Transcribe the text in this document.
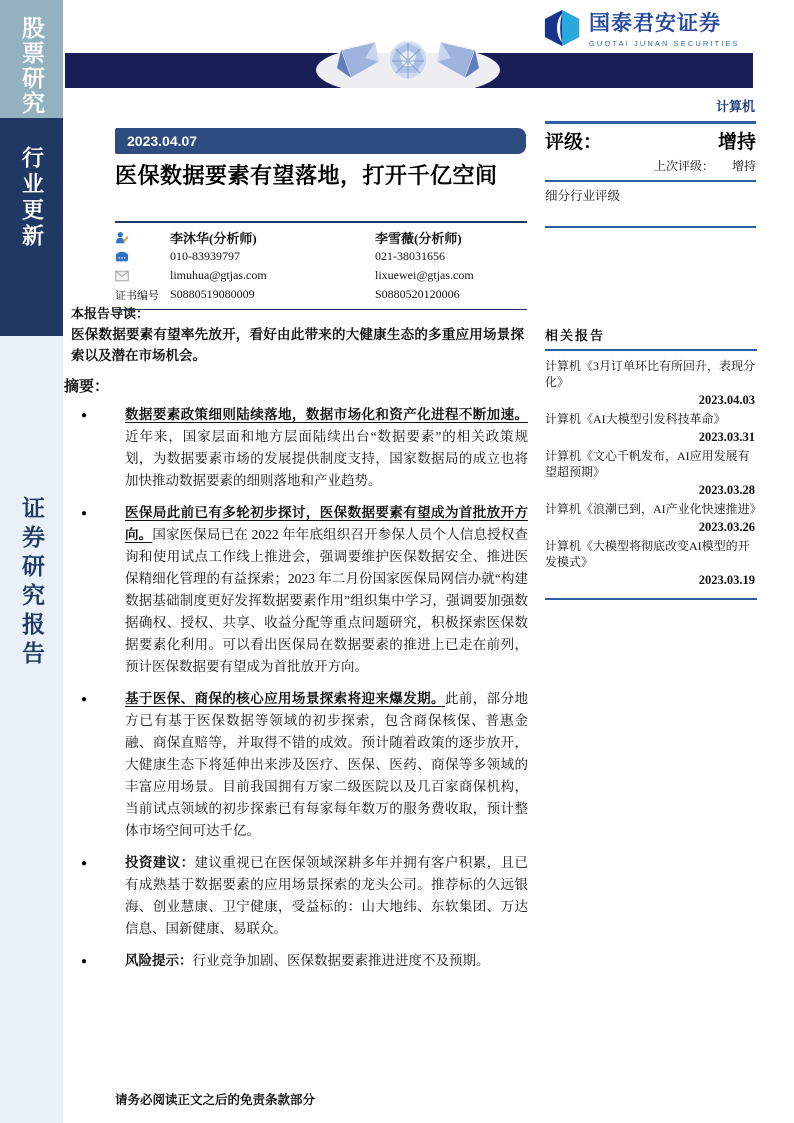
股票研究
行业更新
证券研究报告
国泰君安证券
GUOTAI JUNAN SECURITIES
计算机
评级：	增持
上次评级： 增持
细分行业评级
2023.04.07
医保数据要素有望落地，打开千亿空间
李沐华(分析师)	李雪薇(分析师)
010-83939797	021-38031656
limuhua@gtjas.com	lixuewei@gtjas.com
证书编号 S0880519080009	S0880520120006
本报告导读：
医保数据要素有望率先放开，看好由此带来的大健康生态的多重应用场景探索以及潜在市场机会。
摘要：
● 数据要素政策细则陆续落地，数据市场化和资产化进程不断加速。近年来，国家层面和地方层面陆续出台“数据要素”的相关政策规划，为数据要素市场的发展提供制度支持，国家数据局的成立也将加快推动数据要素的细则落地和产业趋势。
● 医保局此前已有多轮初步探讨，医保数据要素有望成为首批放开方向。国家医保局已在 2022 年年底组织召开参保人员个人信息授权查询和使用试点工作线上推进会，强调要维护医保数据安全、推进医保精细化管理的有益探索；2023 年二月份国家医保局网信办就“构建数据基础制度更好发挥数据要素作用”组织集中学习，强调要加强数据确权、授权、共享、收益分配等重点问题研究，积极探索医保数据要素化利用。可以看出医保局在数据要素的推进上已走在前列，预计医保数据要有望成为首批放开方向。
● 基于医保、商保的核心应用场景探索将迎来爆发期。此前，部分地方已有基于医保数据等领域的初步探索，包含商保核保、普惠金融、商保直赔等，并取得不错的成效。预计随着政策的逐步放开，大健康生态下将延伸出来涉及医疗、医保、医药、商保等多领域的丰富应用场景。目前我国拥有万家二级医院以及几百家商保机构，当前试点领域的初步探索已有每家每年数万的服务费收取，预计整体市场空间可达千亿。
● 投资建议：建议重视已在医保领域深耕多年并拥有客户积累，且已有成熟基于数据要素的应用场景探索的龙头公司。推荐标的久远银海、创业慧康、卫宁健康，受益标的：山大地纬、东软集团、万达信息、国新健康、易联众。
● 风险提示：行业竞争加剧、医保数据要素推进进度不及预期。
相关报告
计算机《3月订单环比有所回升，表现分化》
2023.04.03
计算机《AI大模型引发科技革命》
2023.03.31
计算机《文心千帆发布，AI应用发展有望超预期》
2023.03.28
计算机《浪潮已到，AI产业化快速推进》
2023.03.26
计算机《大模型将彻底改变AI模型的开发模式》
2023.03.19
请务必阅读正文之后的免责条款部分
